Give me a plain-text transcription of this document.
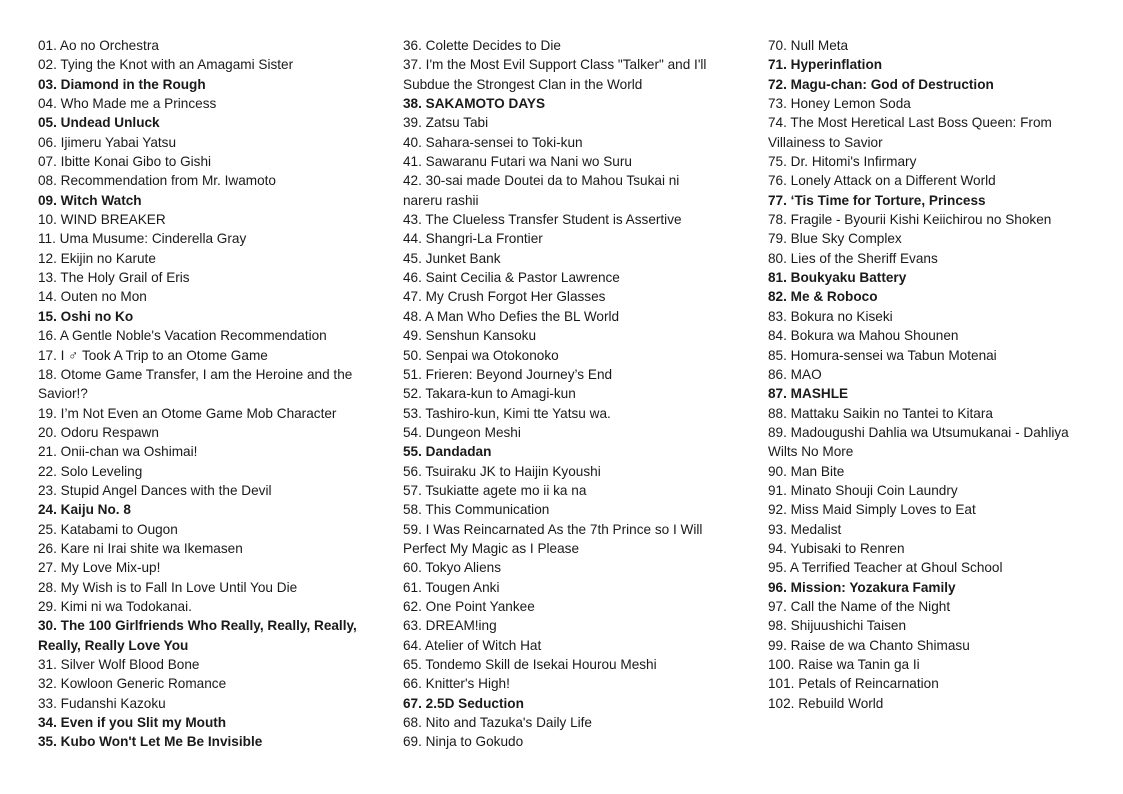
01. Ao no Orchestra
02. Tying the Knot with an Amagami Sister
03. Diamond in the Rough
04. Who Made me a Princess
05. Undead Unluck
06. Ijimeru Yabai Yatsu
07. Ibitte Konai Gibo to Gishi
08. Recommendation from Mr. Iwamoto
09. Witch Watch
10. WIND BREAKER
11. Uma Musume: Cinderella Gray
12. Ekijin no Karute
13. The Holy Grail of Eris
14. Outen no Mon
15. Oshi no Ko
16. A Gentle Noble's Vacation Recommendation
17. I ♂ Took A Trip to an Otome Game
18. Otome Game Transfer, I am the Heroine and the Savior!?
19. I’m Not Even an Otome Game Mob Character
20. Odoru Respawn
21. Onii-chan wa Oshimai!
22. Solo Leveling
23. Stupid Angel Dances with the Devil
24. Kaiju No. 8
25. Katabami to Ougon
26. Kare ni Irai shite wa Ikemasen
27. My Love Mix-up!
28. My Wish is to Fall In Love Until You Die
29. Kimi ni wa Todokanai.
30. The 100 Girlfriends Who Really, Really, Really, Really, Really Love You
31. Silver Wolf Blood Bone
32. Kowloon Generic Romance
33. Fudanshi Kazoku
34. Even if you Slit my Mouth
35. Kubo Won't Let Me Be Invisible
36. Colette Decides to Die
37. I'm the Most Evil Support Class "Talker" and I'll Subdue the Strongest Clan in the World
38. SAKAMOTO DAYS
39. Zatsu Tabi
40. Sahara-sensei to Toki-kun
41. Sawaranu Futari wa Nani wo Suru
42. 30-sai made Doutei da to Mahou Tsukai ni nareru rashii
43. The Clueless Transfer Student is Assertive
44. Shangri-La Frontier
45. Junket Bank
46. Saint Cecilia & Pastor Lawrence
47. My Crush Forgot Her Glasses
48. A Man Who Defies the BL World
49. Senshun Kansoku
50. Senpai wa Otokonoko
51. Frieren: Beyond Journey’s End
52. Takara-kun to Amagi-kun
53. Tashiro-kun, Kimi tte Yatsu wa.
54. Dungeon Meshi
55. Dandadan
56. Tsuiraku JK to Haijin Kyoushi
57. Tsukiatte agete mo ii ka na
58. This Communication
59. I Was Reincarnated As the 7th Prince so I Will Perfect My Magic as I Please
60. Tokyo Aliens
61. Tougen Anki
62. One Point Yankee
63. DREAM!ing
64. Atelier of Witch Hat
65. Tondemo Skill de Isekai Hourou Meshi
66. Knitter's High!
67. 2.5D Seduction
68. Nito and Tazuka's Daily Life
69. Ninja to Gokudo
70. Null Meta
71. Hyperinflation
72. Magu-chan: God of Destruction
73. Honey Lemon Soda
74. The Most Heretical Last Boss Queen: From Villainess to Savior
75. Dr. Hitomi's Infirmary
76. Lonely Attack on a Different World
77. ‘Tis Time for Torture, Princess
78. Fragile - Byourii Kishi Keiichirou no Shoken
79. Blue Sky Complex
80. Lies of the Sheriff Evans
81. Boukyaku Battery
82. Me & Roboco
83. Bokura no Kiseki
84. Bokura wa Mahou Shounen
85. Homura-sensei wa Tabun Motenai
86. MAO
87. MASHLE
88. Mattaku Saikin no Tantei to Kitara
89. Madougushi Dahlia wa Utsumukanai - Dahliya Wilts No More
90. Man Bite
91. Minato Shouji Coin Laundry
92. Miss Maid Simply Loves to Eat
93. Medalist
94. Yubisaki to Renren
95. A Terrified Teacher at Ghoul School
96. Mission: Yozakura Family
97. Call the Name of the Night
98. Shijuushichi Taisen
99. Raise de wa Chanto Shimasu
100. Raise wa Tanin ga Ii
101. Petals of Reincarnation
102. Rebuild World
